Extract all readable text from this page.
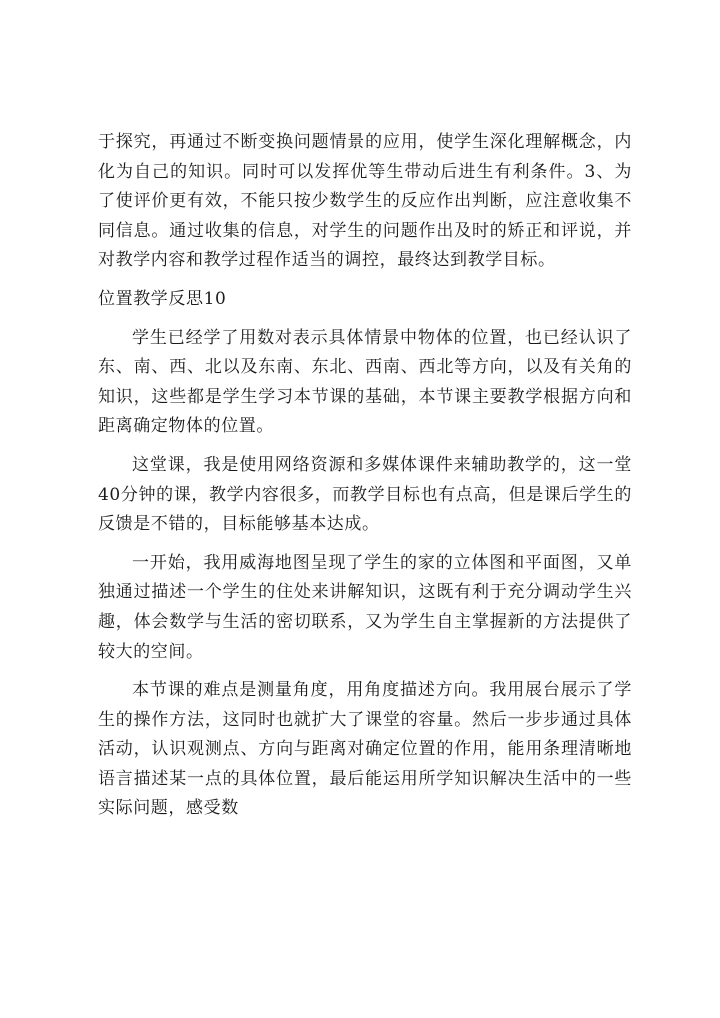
于探究，再通过不断变换问题情景的应用，使学生深化理解概念，内化为自己的知识。同时可以发挥优等生带动后进生有利条件。3、为了使评价更有效，不能只按少数学生的反应作出判断，应注意收集不同信息。通过收集的信息，对学生的问题作出及时的矫正和评说，并对教学内容和教学过程作适当的调控，最终达到教学目标。

位置教学反思10

学生已经学了用数对表示具体情景中物体的位置，也已经认识了东、南、西、北以及东南、东北、西南、西北等方向，以及有关角的知识，这些都是学生学习本节课的基础，本节课主要教学根据方向和距离确定物体的位置。

这堂课，我是使用网络资源和多媒体课件来辅助教学的，这一堂40分钟的课，教学内容很多，而教学目标也有点高，但是课后学生的反馈是不错的，目标能够基本达成。

一开始，我用威海地图呈现了学生的家的立体图和平面图，又单独通过描述一个学生的住处来讲解知识，这既有利于充分调动学生兴趣，体会数学与生活的密切联系，又为学生自主掌握新的方法提供了较大的空间。

本节课的难点是测量角度，用角度描述方向。我用展台展示了学生的操作方法，这同时也就扩大了课堂的容量。然后一步步通过具体活动，认识观测点、方向与距离对确定位置的作用，能用条理清晰地语言描述某一点的具体位置，最后能运用所学知识解决生活中的一些实际问题，感受数
